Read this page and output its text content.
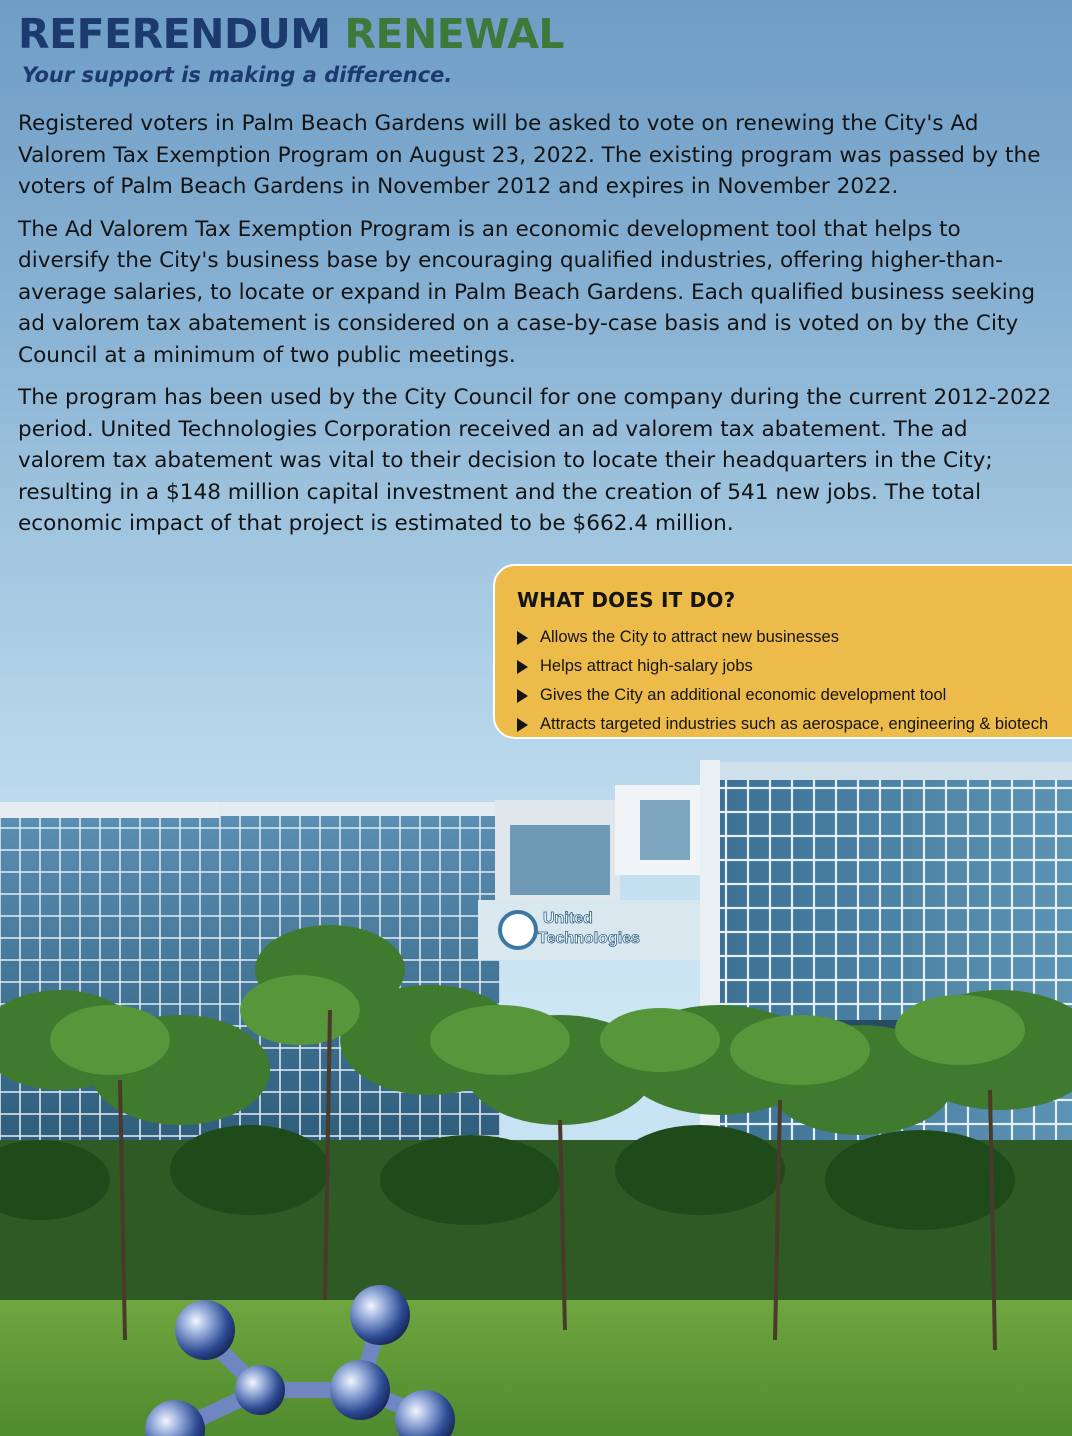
REFERENDUM RENEWAL
Your support is making a difference.

Registered voters in Palm Beach Gardens will be asked to vote on renewing the City's Ad Valorem Tax Exemption Program on August 23, 2022. The existing program was passed by the voters of Palm Beach Gardens in November 2012 and expires in November 2022.

The Ad Valorem Tax Exemption Program is an economic development tool that helps to diversify the City's business base by encouraging qualified industries, offering higher-than-average salaries, to locate or expand in Palm Beach Gardens. Each qualified business seeking ad valorem tax abatement is considered on a case-by-case basis and is voted on by the City Council at a minimum of two public meetings.

The program has been used by the City Council for one company during the current 2012-2022 period. United Technologies Corporation received an ad valorem tax abatement. The ad valorem tax abatement was vital to their decision to locate their headquarters in the City; resulting in a $148 million capital investment and the creation of 541 new jobs. The total economic impact of that project is estimated to be $662.4 million.

United
Technologies
WHAT DOES IT DO?
Allows the City to attract new businesses
Helps attract high-salary jobs
Gives the City an additional economic development tool
Attracts targeted industries such as aerospace, engineering & biotech
